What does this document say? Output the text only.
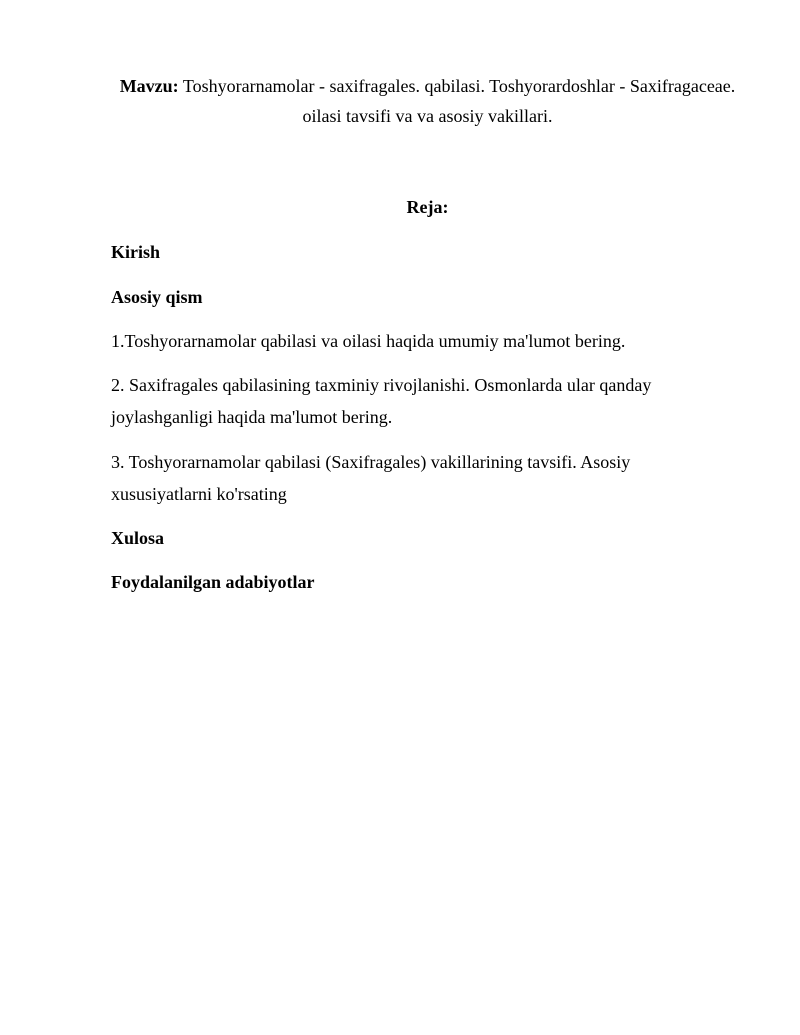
Mavzu: Toshyorarnamolar - saxifragales. qabilasi. Toshyorardoshlar - Saxifragaceae.
oilasi tavsifi va va asosiy vakillari.
Reja:
Kirish
Asosiy qism
1.Toshyorarnamolar qabilasi va oilasi haqida umumiy ma'lumot bering.
2. Saxifragales qabilasining taxminiy rivojlanishi. Osmonlarda ular qanday joylashganligi haqida ma'lumot bering.
3. Toshyorarnamolar qabilasi (Saxifragales) vakillarining tavsifi. Asosiy xususiyatlarni ko'rsating
Xulosa
Foydalanilgan adabiyotlar
